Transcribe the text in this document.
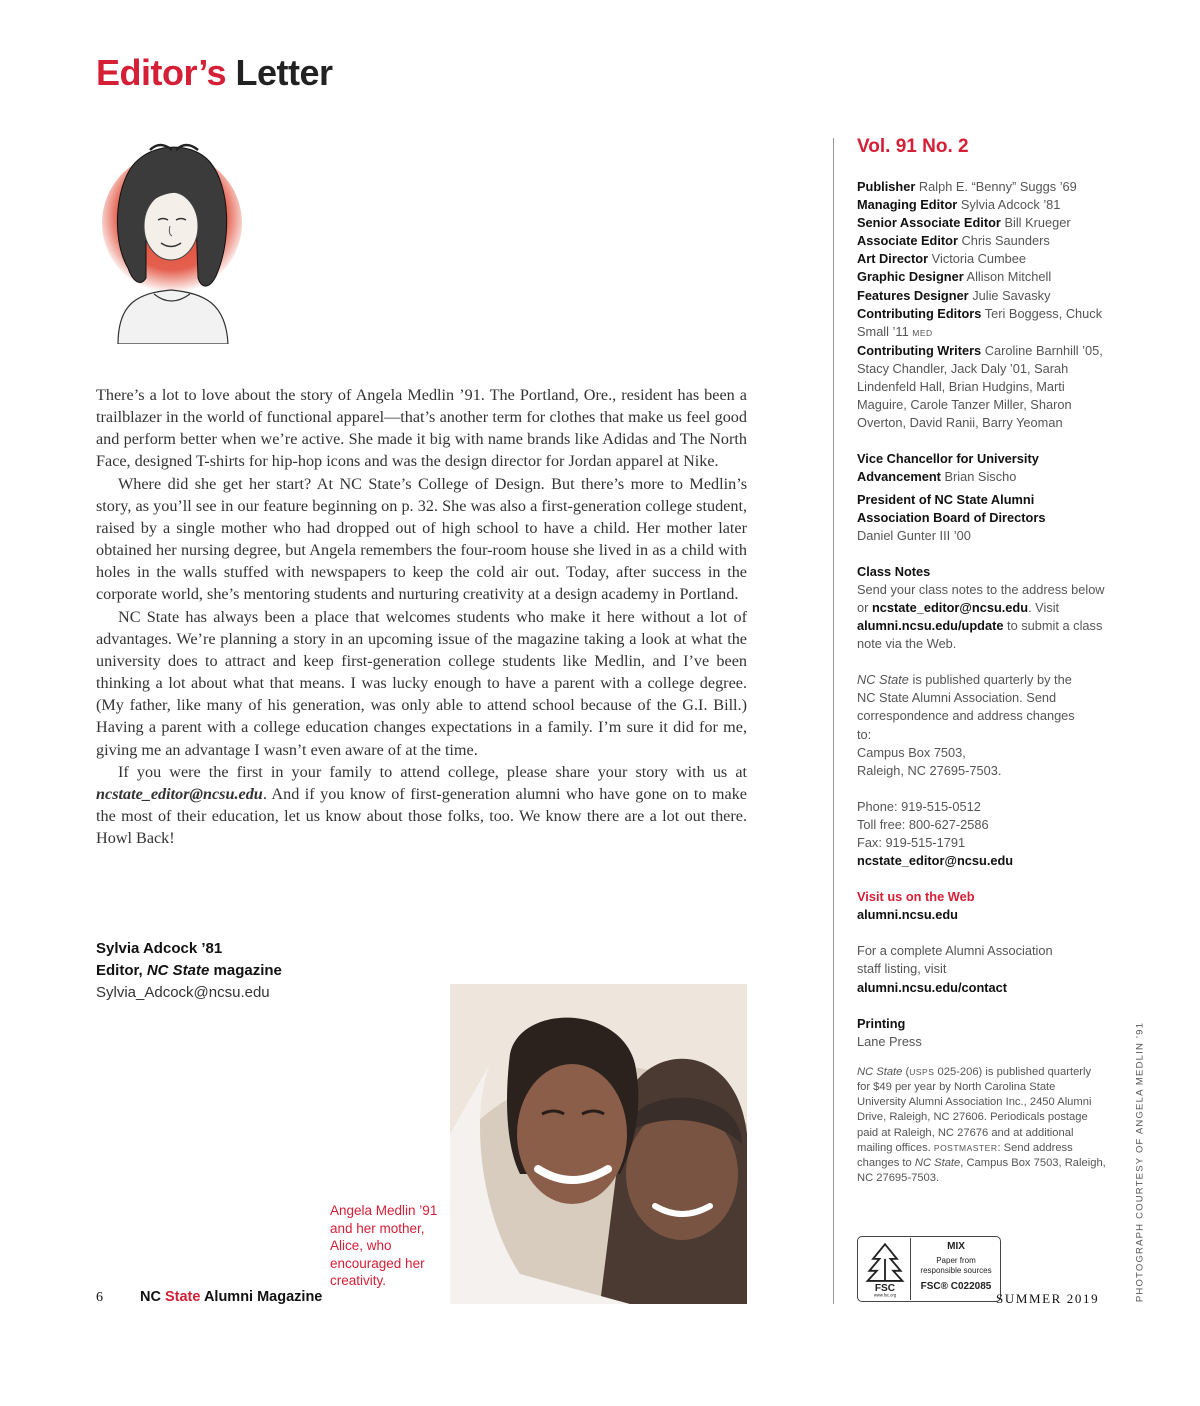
Editor’s Letter

There’s a lot to love about the story of Angela Medlin ’91. The Portland, Ore., resident has been a trailblazer in the world of functional apparel—that’s another term for clothes that make us feel good and perform better when we’re active. She made it big with name brands like Adidas and The North Face, designed T-shirts for hip-hop icons and was the design director for Jordan apparel at Nike.

Where did she get her start? At NC State’s College of Design. But there’s more to Medlin’s story, as you’ll see in our feature beginning on p. 32. She was also a first-generation college student, raised by a single mother who had dropped out of high school to have a child. Her mother later obtained her nursing degree, but Angela remembers the four-room house she lived in as a child with holes in the walls stuffed with newspapers to keep the cold air out. Today, after success in the corporate world, she’s mentoring students and nurturing creativity at a design academy in Portland.

NC State has always been a place that welcomes students who make it here without a lot of advantages. We’re planning a story in an upcoming issue of the magazine taking a look at what the university does to attract and keep first-generation college students like Medlin, and I’ve been thinking a lot about what that means. I was lucky enough to have a parent with a college degree. (My father, like many of his generation, was only able to attend school because of the G.I. Bill.) Having a parent with a college education changes expectations in a family. I’m sure it did for me, giving me an advantage I wasn’t even aware of at the time.

If you were the first in your family to attend college, please share your story with us at ncstate_editor@ncsu.edu. And if you know of first-generation alumni who have gone on to make the most of their education, let us know about those folks, too. We know there are a lot out there. Howl Back!

Sylvia Adcock ’81
Editor, NC State magazine
Sylvia_Adcock@ncsu.edu
Angela Medlin ’91 and her mother, Alice, who encouraged her creativity.
Vol. 91 No. 2
Publisher Ralph E. “Benny” Suggs ’69
Managing Editor Sylvia Adcock ’81
Senior Associate Editor Bill Krueger
Associate Editor Chris Saunders
Art Director Victoria Cumbee
Graphic Designer Allison Mitchell
Features Designer Julie Savasky
Contributing Editors Teri Boggess, Chuck Small ’11 MED
Contributing Writers Caroline Barnhill ’05, Stacy Chandler, Jack Daly ’01, Sarah Lindenfeld Hall, Brian Hudgins, Marti Maguire, Carole Tanzer Miller, Sharon Overton, David Ranii, Barry Yeoman
Vice Chancellor for University Advancement Brian Sischo
President of NC State Alumni Association Board of Directors
Daniel Gunter III ’00
Class Notes
Send your class notes to the address below or ncstate_editor@ncsu.edu. Visit alumni.ncsu.edu/update to submit a class note via the Web.
NC State is published quarterly by the NC State Alumni Association. Send correspondence and address changes to:
Campus Box 7503,
Raleigh, NC 27695-7503.
Phone: 919-515-0512
Toll free: 800-627-2586
Fax: 919-515-1791
ncstate_editor@ncsu.edu
Visit us on the Web
alumni.ncsu.edu
For a complete Alumni Association staff listing, visit alumni.ncsu.edu/contact
Printing
Lane Press
NC State (USPS 025-206) is published quarterly for $49 per year by North Carolina State University Alumni Association Inc., 2450 Alumni Drive, Raleigh, NC 27606. Periodicals postage paid at Raleigh, NC 27676 and at additional mailing offices. POSTMASTER: Send address changes to NC State, Campus Box 7503, Raleigh, NC 27695-7503.
FSC
www.fsc.org
MIX
Paper from
responsible sources
FSC® C022085	PHOTOGRAPH COURTESY OF ANGELA MEDLIN ’91
6	NC State Alumni Magazine	SUMMER 2019
